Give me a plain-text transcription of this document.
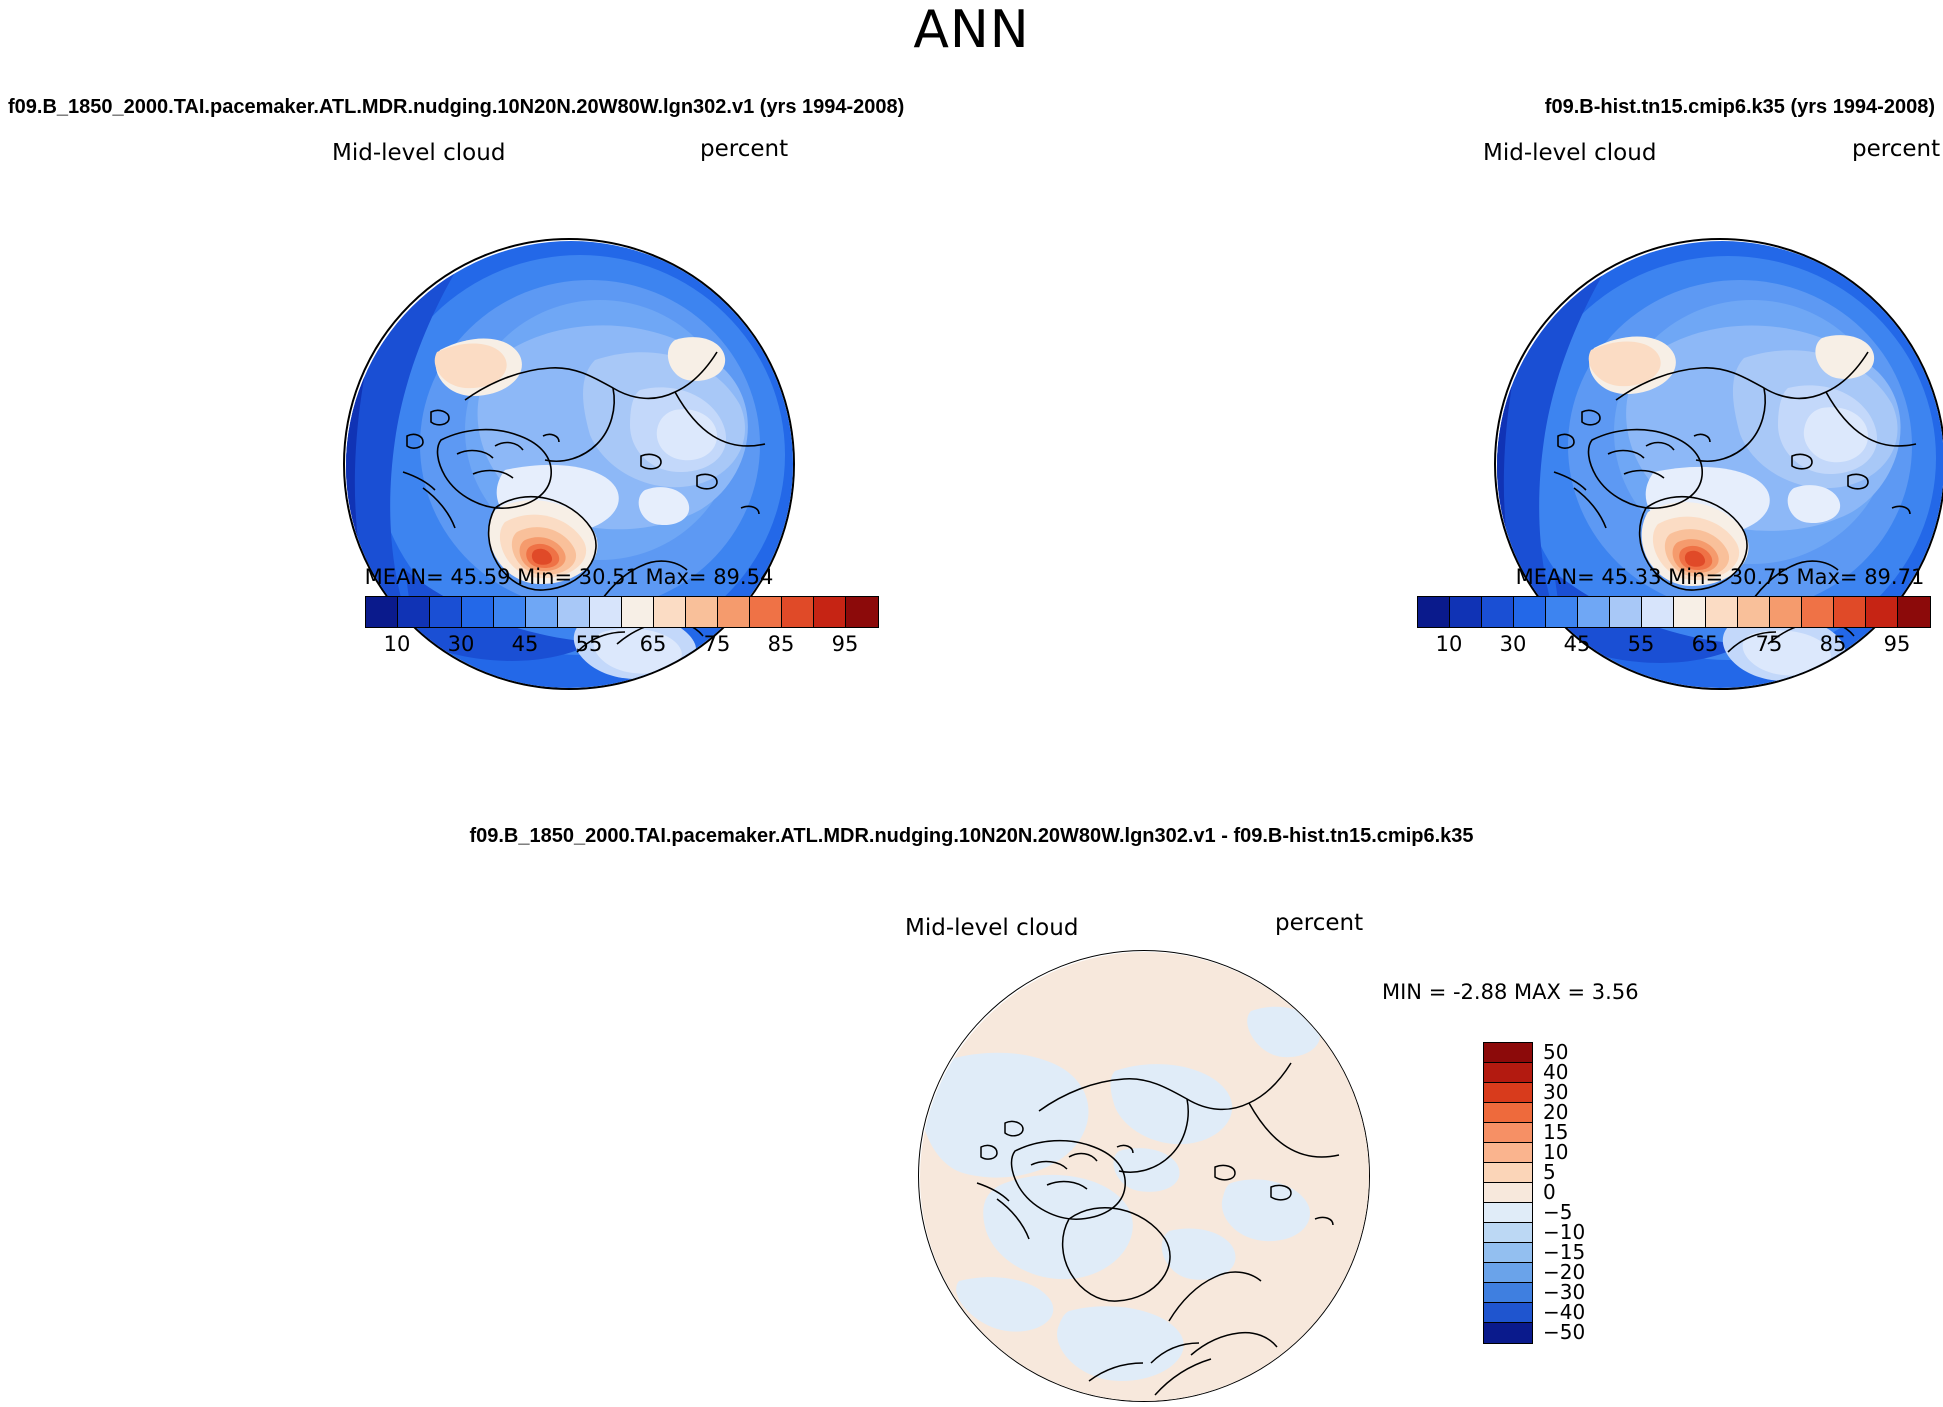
ANN
f09.B_1850_2000.TAI.pacemaker.ATL.MDR.nudging.10N20N.20W80W.lgn302.v1 (yrs 1994-2008)
Mid-level cloud	percent
MEAN= 45.59 Min= 30.51 Max= 89.54
10 30 45 55 65 75 85 95
f09.B-hist.tn15.cmip6.k35 (yrs 1994-2008)
Mid-level cloud	percent
MEAN= 45.33 Min= 30.75 Max= 89.71
10 30 45 55 65 75 85 95
f09.B_1850_2000.TAI.pacemaker.ATL.MDR.nudging.10N20N.20W80W.lgn302.v1 - f09.B-hist.tn15.cmip6.k35
Mid-level cloud	percent
MIN = -2.88 MAX = 3.56
50
40
30
20
15
10
5
0
−5
−10
−15
−20
−30
−40
−50
